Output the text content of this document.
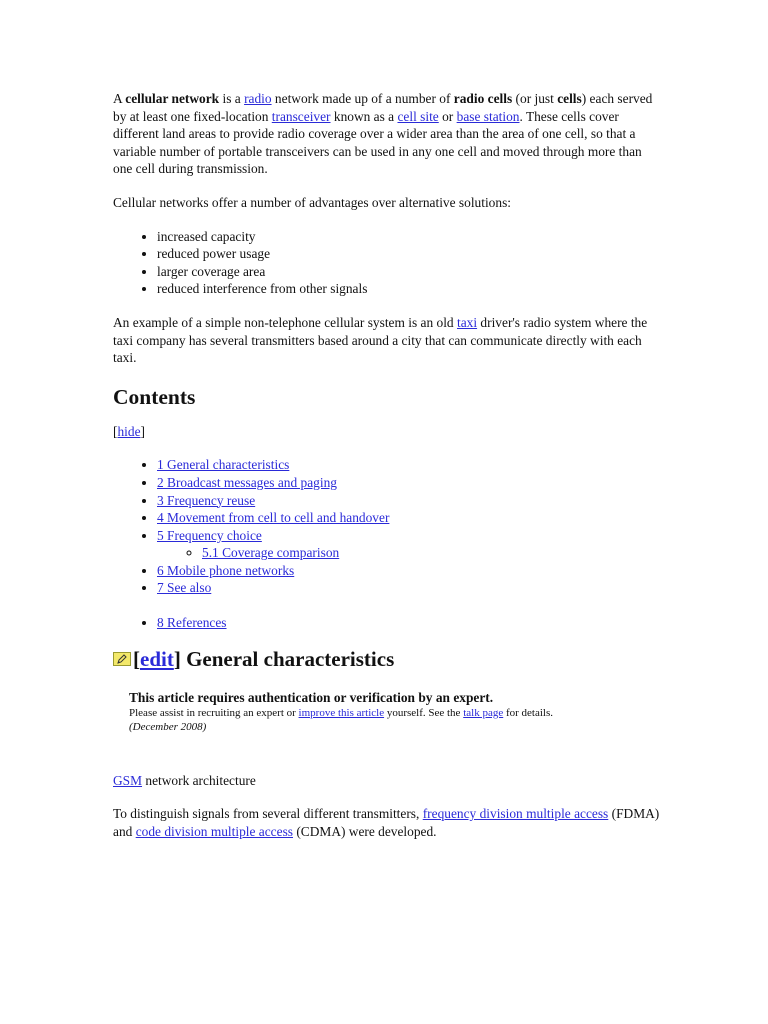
A cellular network is a radio network made up of a number of radio cells (or just cells) each served by at least one fixed-location transceiver known as a cell site or base station. These cells cover different land areas to provide radio coverage over a wider area than the area of one cell, so that a variable number of portable transceivers can be used in any one cell and moved through more than one cell during transmission.

Cellular networks offer a number of advantages over alternative solutions:

• increased capacity
• reduced power usage
• larger coverage area
• reduced interference from other signals

An example of a simple non-telephone cellular system is an old taxi driver's radio system where the taxi company has several transmitters based around a city that can communicate directly with each taxi.

Contents
[hide]
• 1 General characteristics
• 2 Broadcast messages and paging
• 3 Frequency reuse
• 4 Movement from cell to cell and handover
• 5 Frequency choice
◦ 5.1 Coverage comparison
• 6 Mobile phone networks
• 7 See also
• 8 References
[ edit ] General characteristics
This article requires authentication or verification by an expert.
Please assist in recruiting an expert or improve this article yourself. See the talk page for details.
(December 2008)

GSM network architecture

To distinguish signals from several different transmitters, frequency division multiple access (FDMA) and code division multiple access (CDMA) were developed.
